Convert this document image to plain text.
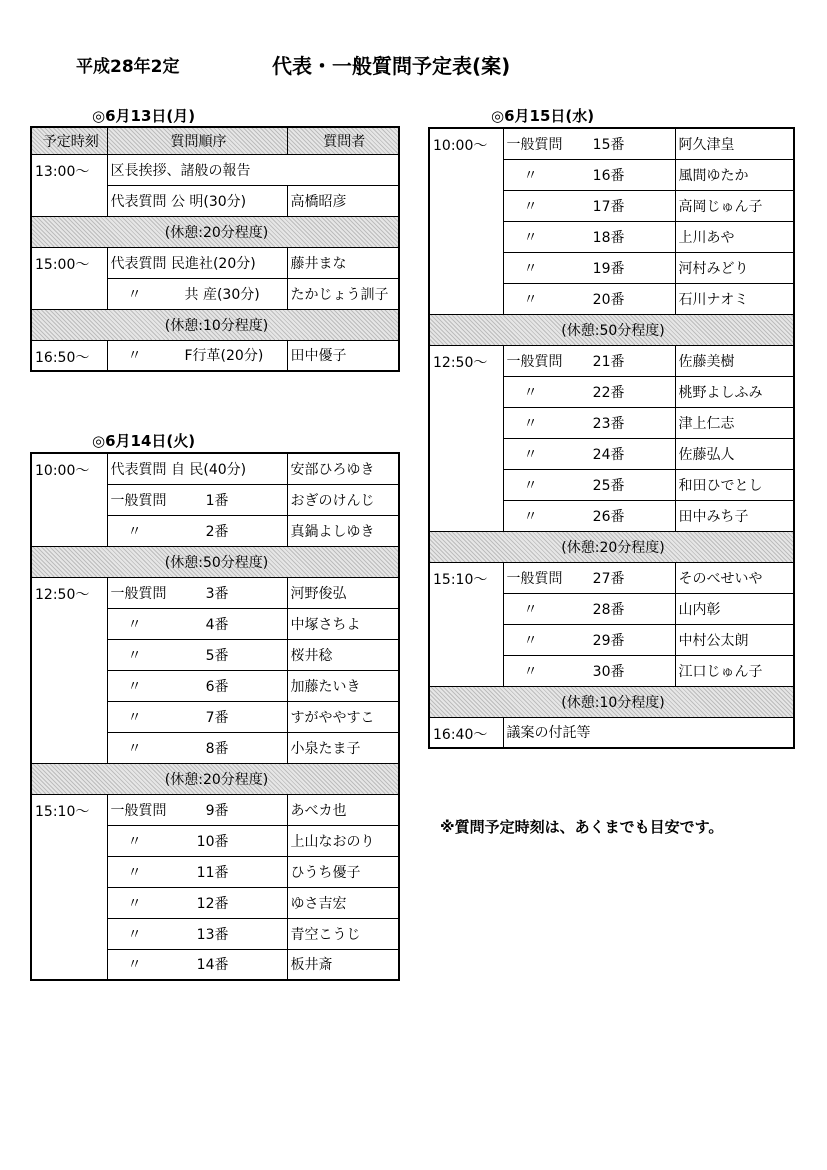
平成28年2定	代表・一般質問予定表(案)
◎6月13日(月)
予定時刻	質問順序	質問者
13:00～	区長挨拶、諸般の報告	
	代表質問 公 明(30分)	高橋昭彦
(休憩:20分程度)		
15:00～	代表質問 民進社(20分)	藤井まな
	〃 共 産(30分)	たかじょう訓子
(休憩:10分程度)		
16:50～	〃 F行革(20分)	田中優子
◎6月14日(火)
10:00～	代表質問 自 民(40分)	安部ひろゆき
	一般質問 1番	おぎのけんじ
	〃 2番	真鍋よしゆき
(休憩:50分程度)		
12:50～	一般質問 3番	河野俊弘
	〃 4番	中塚さちよ
	〃 5番	桜井稔
	〃 6番	加藤たいき
	〃 7番	すがややすこ
	〃 8番	小泉たま子
(休憩:20分程度)		
15:10～	一般質問 9番	あべカ也
	〃 10番	上山なおのり
	〃 11番	ひうち優子
	〃 12番	ゆさ吉宏
	〃 13番	青空こうじ
	〃 14番	板井斎
◎6月15日(水)
10:00～	一般質問 15番	阿久津皇
	〃 16番	風間ゆたか
	〃 17番	高岡じゅん子
	〃 18番	上川あや
	〃 19番	河村みどり
	〃 20番	石川ナオミ
(休憩:50分程度)		
12:50～	一般質問 21番	佐藤美樹
	〃 22番	桃野よしふみ
	〃 23番	津上仁志
	〃 24番	佐藤弘人
	〃 25番	和田ひでとし
	〃 26番	田中みち子
(休憩:20分程度)		
15:10～	一般質問 27番	そのべせいや
	〃 28番	山内彰
	〃 29番	中村公太朗
	〃 30番	江口じゅん子
(休憩:10分程度)		
16:40～	議案の付託等	
※質問予定時刻は、あくまでも目安です。
